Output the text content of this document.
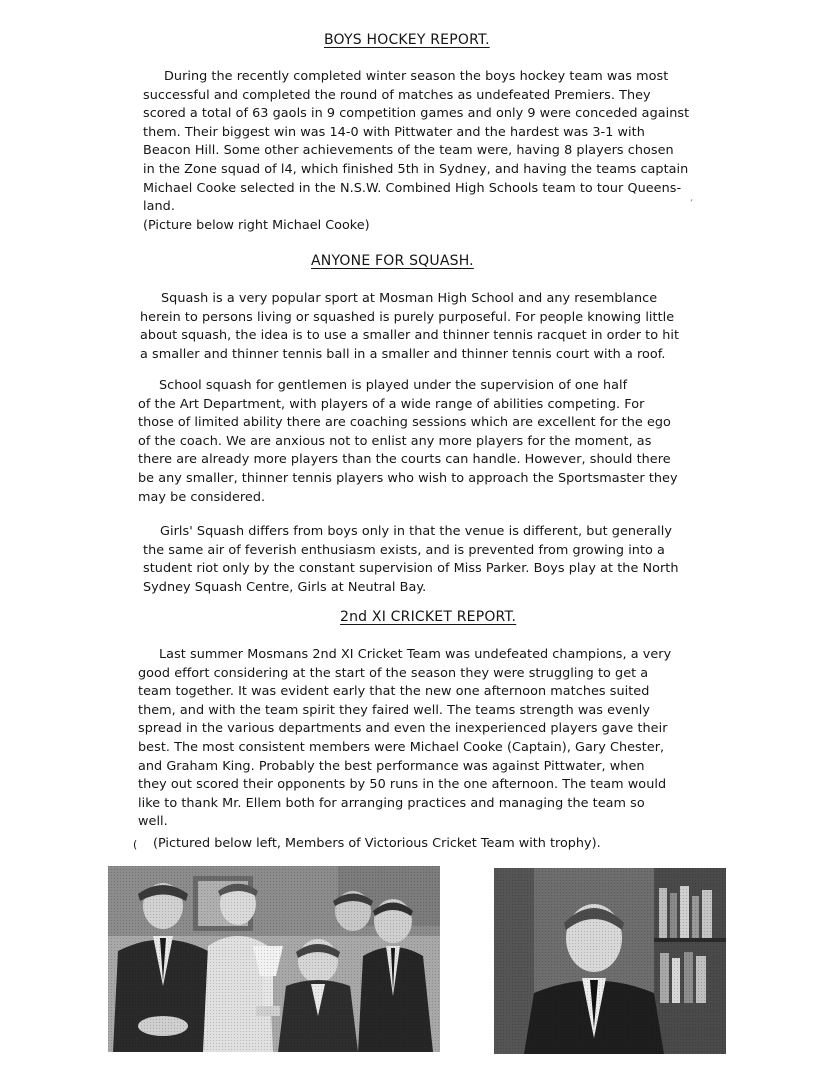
BOYS HOCKEY REPORT.
During the recently completed winter season the boys hockey team was most
successful and completed the round of matches as undefeated Premiers. They
scored a total of 63 gaols in 9 competition games and only 9 were conceded against
them. Their biggest win was 14-0 with Pittwater and the hardest was 3-1 with
Beacon Hill. Some other achievements of the team were, having 8 players chosen
in the Zone squad of l4, which finished 5th in Sydney, and having the teams captain
Michael Cooke selected in the N.S.W. Combined High Schools team to tour Queens-
land.	‘
(Picture below right Michael Cooke)
ANYONE FOR SQUASH.
Squash is a very popular sport at Mosman High School and any resemblance
herein to persons living or squashed is purely purposeful. For people knowing little
about squash, the idea is to use a smaller and thinner tennis racquet in order to hit
a smaller and thinner tennis ball in a smaller and thinner tennis court with a roof.
School squash for gentlemen is played under the supervision of one half
of the Art Department, with players of a wide range of abilities competing. For
those of limited ability there are coaching sessions which are excellent for the ego
of the coach. We are anxious not to enlist any more players for the moment, as
there are already more players than the courts can handle. However, should there
be any smaller, thinner tennis players who wish to approach the Sportsmaster they
may be considered.
Girls' Squash differs from boys only in that the venue is different, but generally
the same air of feverish enthusiasm exists, and is prevented from growing into a
student riot only by the constant supervision of Miss Parker. Boys play at the North
Sydney Squash Centre, Girls at Neutral Bay.
2nd XI CRICKET REPORT.
Last summer Mosmans 2nd XI Cricket Team was undefeated champions, a very
good effort considering at the start of the season they were struggling to get a
team together. It was evident early that the new one afternoon matches suited
them, and with the team spirit they faired well. The teams strength was evenly
spread in the various departments and even the inexperienced players gave their
best. The most consistent members were Michael Cooke (Captain), Gary Chester,
and Graham King. Probably the best performance was against Pittwater, when
they out scored their opponents by 50 runs in the one afternoon. The team would
like to thank Mr. Ellem both for arranging practices and managing the team so
well.
( (Pictured below left, Members of Victorious Cricket Team with trophy).
